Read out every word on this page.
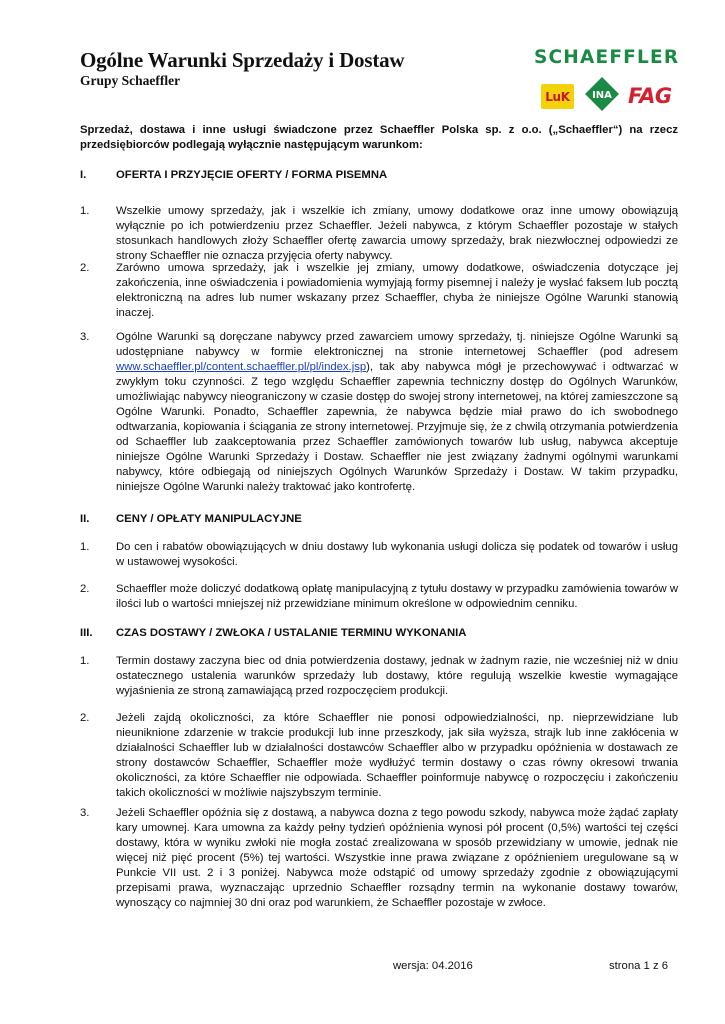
Ogólne Warunki Sprzedaży i Dostaw
Grupy Schaeffler
SCHAEFFLER
LuK	INA FAG
Sprzedaż, dostawa i inne usługi świadczone przez Schaeffler Polska sp. z o.o. („Schaeffler“) na rzecz przedsiębiorców podlegają wyłącznie następującym warunkom:
I.	OFERTA I PRZYJĘCIE OFERTY / FORMA PISEMNA
1. Wszelkie umowy sprzedaży, jak i wszelkie ich zmiany, umowy dodatkowe oraz inne umowy obowiązują wyłącznie po ich potwierdzeniu przez Schaeffler. Jeżeli nabywca, z którym Schaeffler pozostaje w stałych stosunkach handlowych złoży Schaeffler ofertę zawarcia umowy sprzedaży, brak niezwłocznej odpowiedzi ze strony Schaeffler nie oznacza przyjęcia oferty nabywcy.
2. Zarówno umowa sprzedaży, jak i wszelkie jej zmiany, umowy dodatkowe, oświadczenia dotyczące jej zakończenia, inne oświadczenia i powiadomienia wymyjają formy pisemnej i należy je wysłać faksem lub pocztą elektroniczną na adres lub numer wskazany przez Schaeffler, chyba że niniejsze Ogólne Warunki stanowią inaczej.
3. Ogólne Warunki są doręczane nabywcy przed zawarciem umowy sprzedaży, tj. niniejsze Ogólne Warunki są udostępniane nabywcy w formie elektronicznej na stronie internetowej Schaeffler (pod adresem www.schaeffler.pl/content.schaeffler.pl/pl/index.jsp), tak aby nabywca mógł je przechowywać i odtwarzać w zwykłym toku czynności. Z tego względu Schaeffler zapewnia techniczny dostęp do Ogólnych Warunków, umożliwiając nabywcy nieograniczony w czasie dostęp do swojej strony internetowej, na której zamieszczone są Ogólne Warunki. Ponadto, Schaeffler zapewnia, że nabywca będzie miał prawo do ich swobodnego odtwarzania, kopiowania i ściągania ze strony internetowej. Przyjmuje się, że z chwilą otrzymania potwierdzenia od Schaeffler lub zaakceptowania przez Schaeffler zamówionych towarów lub usług, nabywca akceptuje niniejsze Ogólne Warunki Sprzedaży i Dostaw. Schaeffler nie jest związany żadnymi ogólnymi warunkami nabywcy, które odbiegają od niniejszych Ogólnych Warunków Sprzedaży i Dostaw. W takim przypadku, niniejsze Ogólne Warunki należy traktować jako kontrofertę.
II. CENY / OPŁATY MANIPULACYJNE
1. Do cen i rabatów obowiązujących w dniu dostawy lub wykonania usługi dolicza się podatek od towarów i usług w ustawowej wysokości.
2. Schaeffler może doliczyć dodatkową opłatę manipulacyjną z tytułu dostawy w przypadku zamówienia towarów w ilości lub o wartości mniejszej niż przewidziane minimum określone w odpowiednim cenniku.
III. CZAS DOSTAWY / ZWŁOKA / USTALANIE TERMINU WYKONANIA
1. Termin dostawy zaczyna biec od dnia potwierdzenia dostawy, jednak w żadnym razie, nie wcześniej niż w dniu ostatecznego ustalenia warunków sprzedaży lub dostawy, które regulują wszelkie kwestie wymagające wyjaśnienia ze stroną zamawiającą przed rozpoczęciem produkcji.
2. Jeżeli zajdą okoliczności, za które Schaeffler nie ponosi odpowiedzialności, np. nieprzewidziane lub nieuniknione zdarzenie w trakcie produkcji lub inne przeszkody, jak siła wyższa, strajk lub inne zakłócenia w działalności Schaeffler lub w działalności dostawców Schaeffler albo w przypadku opóźnienia w dostawach ze strony dostawców Schaeffler, Schaeffler może wydłużyć termin dostawy o czas równy okresowi trwania okoliczności, za które Schaeffler nie odpowiada. Schaeffler poinformuje nabywcę o rozpoczęciu i zakończeniu takich okoliczności w możliwie najszybszym terminie.
3. Jeżeli Schaeffler opóźnia się z dostawą, a nabywca dozna z tego powodu szkody, nabywca może żądać zapłaty kary umownej. Kara umowna za każdy pełny tydzień opóźnienia wynosi pół procent (0,5%) wartości tej części dostawy, która w wyniku zwłoki nie mogła zostać zrealizowana w sposób przewidziany w umowie, jednak nie więcej niż pięć procent (5%) tej wartości. Wszystkie inne prawa związane z opóźnieniem uregulowane są w Punkcie VII ust. 2 i 3 poniżej. Nabywca może odstąpić od umowy sprzedaży zgodnie z obowiązującymi przepisami prawa, wyznaczając uprzednio Schaeffler rozsądny termin na wykonanie dostawy towarów, wynoszący co najmniej 30 dni oraz pod warunkiem, że Schaeffler pozostaje w zwłoce.
wersja: 04.2016	strona 1 z 6
